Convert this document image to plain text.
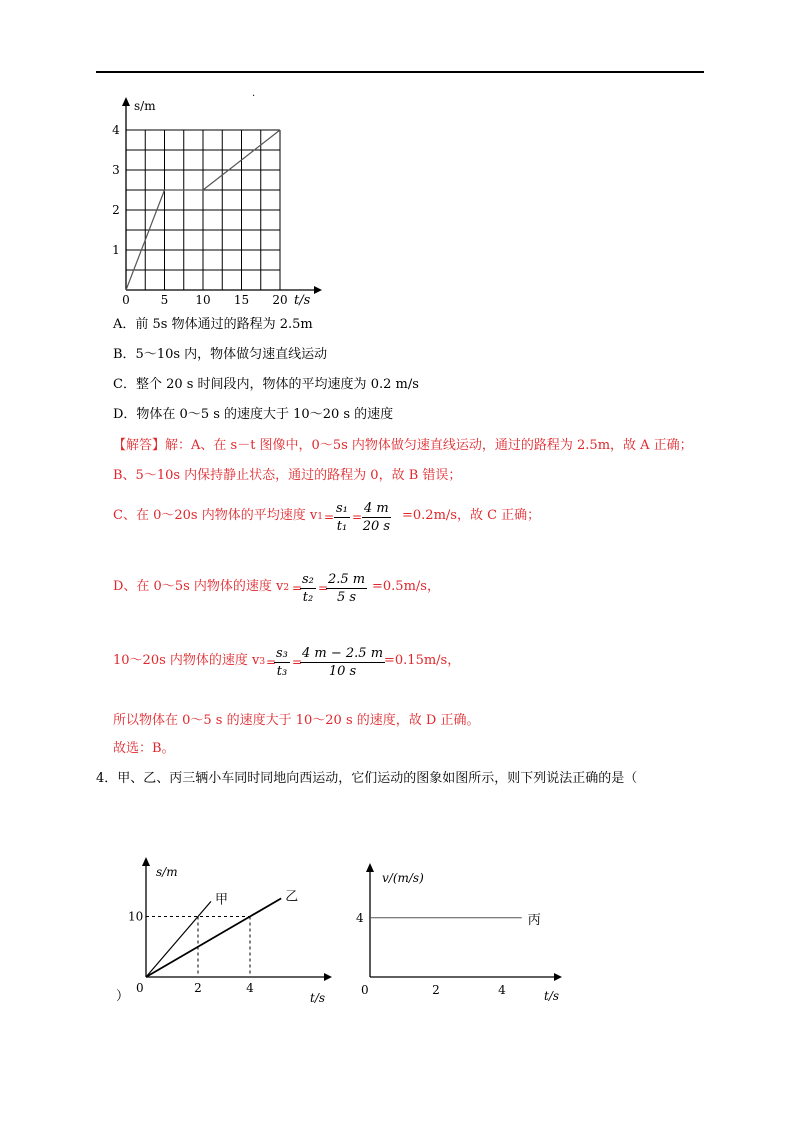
.
s/m
t/s
0	5 10 15 20
1
2
3
4
A．前 5s 物体通过的路程为 2.5m
B．5～10s 内，物体做匀速直线运动
C．整个 20 s 时间段内，物体的平均速度为 0.2 m/s
D．物体在 0～5 s 的速度大于 10～20 s 的速度
【解答】解：A、在 s－t 图像中，0～5s 内物体做匀速直线运动，通过的路程为 2.5m，故 A 正确；
B、5～10s 内保持静止状态，通过的路程为 0，故 B 错误；
C、在 0～20s 内物体的平均速度 $v1 = \frac{\text{s₁}}{\text{t₁}} = \frac{4 m}{20 s} =0.2m/s$，故 C 正确；
D、在 0～5s 内物体的速度 v2 =
$\frac{\text{s₂}}{\text{t₂}}$ =
$\frac{2.5 m}{5 s} =0.5m/s$，
10～20s 内物体的速度 v3 =
$\frac{\text{s₃}}{\text{t₃}}$ =
$\frac{4 m - 2.5 m}{10 s}$
=0.15m/s，
所以物体在 0～5 s 的速度大于 10～20 s 的速度，故 D 正确。
故选：B。
4．甲、乙、丙三辆小车同时同地向西运动，它们运动的图象如图所示，则下列说法正确的是（
s/m
t/s
0	2	4
10
甲	乙
）
v/(m/s)
t/s
0	2	4
4	丙
